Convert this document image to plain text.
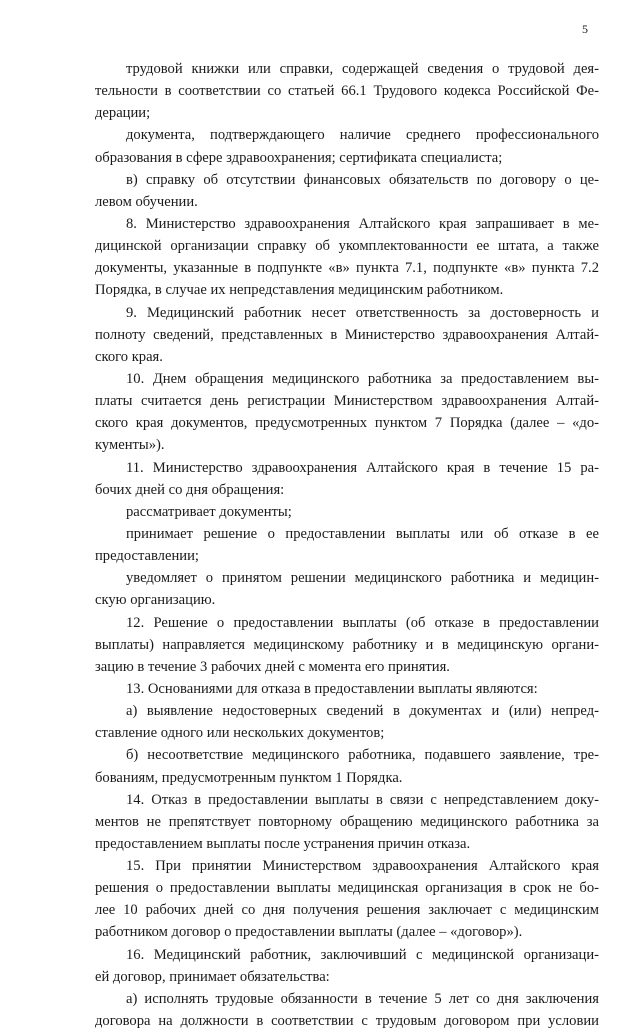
5
трудовой книжки или справки, содержащей сведения о трудовой дея-
тельности в соответствии со статьей 66.1 Трудового кодекса Российской Фе-
дерации;
документа, подтверждающего наличие среднего профессионального
образования в сфере здравоохранения; сертификата специалиста;
в) справку об отсутствии финансовых обязательств по договору о це-
левом обучении.
8. Министерство здравоохранения Алтайского края запрашивает в ме-
дицинской организации справку об укомплектованности ее штата, а также
документы, указанные в подпункте «в» пункта 7.1, подпункте «в» пункта 7.2
Порядка, в случае их непредставления медицинским работником.
9. Медицинский работник несет ответственность за достоверность и
полноту сведений, представленных в Министерство здравоохранения Алтай-
ского края.
10. Днем обращения медицинского работника за предоставлением вы-
платы считается день регистрации Министерством здравоохранения Алтай-
ского края документов, предусмотренных пунктом 7 Порядка (далее – «до-
кументы»).
11. Министерство здравоохранения Алтайского края в течение 15 ра-
бочих дней со дня обращения:
рассматривает документы;
принимает решение о предоставлении выплаты или об отказе в ее
предоставлении;
уведомляет о принятом решении медицинского работника и медицин-
скую организацию.
12. Решение о предоставлении выплаты (об отказе в предоставлении
выплаты) направляется медицинскому работнику и в медицинскую органи-
зацию в течение 3 рабочих дней с момента его принятия.
13. Основаниями для отказа в предоставлении выплаты являются:
а) выявление недостоверных сведений в документах и (или) непред-
ставление одного или нескольких документов;
б) несоответствие медицинского работника, подавшего заявление, тре-
бованиям, предусмотренным пунктом 1 Порядка.
14. Отказ в предоставлении выплаты в связи с непредставлением доку-
ментов не препятствует повторному обращению медицинского работника за
предоставлением выплаты после устранения причин отказа.
15. При принятии Министерством здравоохранения Алтайского края
решения о предоставлении выплаты медицинская организация в срок не бо-
лее 10 рабочих дней со дня получения решения заключает с медицинским
работником договор о предоставлении выплаты (далее – «договор»).
16. Медицинский работник, заключивший с медицинской организаци-
ей договор, принимает обязательства:
а) исполнять трудовые обязанности в течение 5 лет со дня заключения
договора на должности в соответствии с трудовым договором при условии
